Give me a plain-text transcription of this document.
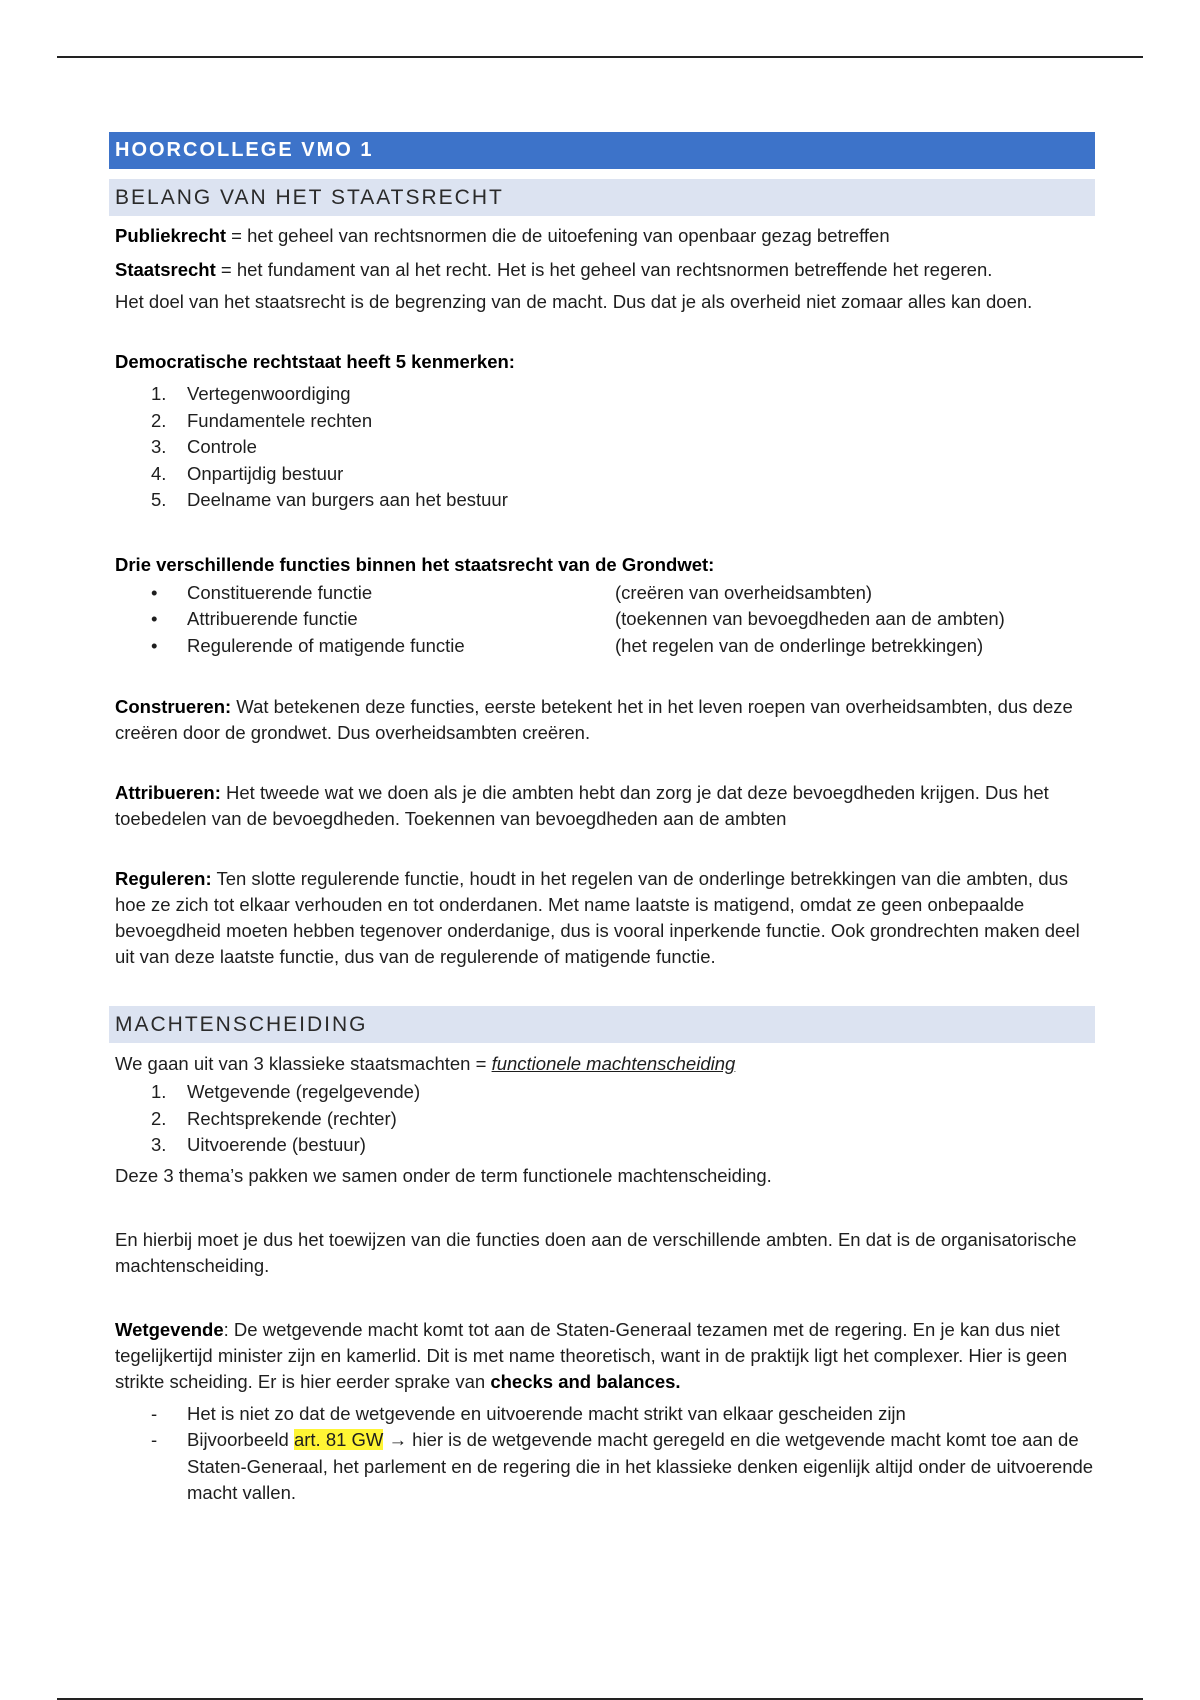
HOORCOLLEGE VMO 1
BELANG VAN HET STAATSRECHT

Publiekrecht = het geheel van rechtsnormen die de uitoefening van openbaar gezag betreffen

Staatsrecht = het fundament van al het recht. Het is het geheel van rechtsnormen betreffende het regeren.

Het doel van het staatsrecht is de begrenzing van de macht. Dus dat je als overheid niet zomaar alles kan doen.

Democratische rechtstaat heeft 5 kenmerken:

1.	Vertegenwoordiging
2.	Fundamentele rechten
3.	Controle
4.	Onpartijdig bestuur
5.	Deelname van burgers aan het bestuur

Drie verschillende functies binnen het staatsrecht van de Grondwet:

•
Constituerende functie	(creëren van overheidsambten)
•
Attribuerende functie	(toekennen van bevoegdheden aan de ambten)
•
Regulerende of matigende functie	(het regelen van de onderlinge betrekkingen)

Construeren: Wat betekenen deze functies, eerste betekent het in het leven roepen van overheidsambten, dus deze creëren door de grondwet. Dus overheidsambten creëren.

Attribueren: Het tweede wat we doen als je die ambten hebt dan zorg je dat deze bevoegdheden krijgen. Dus het toebedelen van de bevoegdheden. Toekennen van bevoegdheden aan de ambten

Reguleren: Ten slotte regulerende functie, houdt in het regelen van de onderlinge betrekkingen van die ambten, dus hoe ze zich tot elkaar verhouden en tot onderdanen. Met name laatste is matigend, omdat ze geen onbepaalde bevoegdheid moeten hebben tegenover onderdanige, dus is vooral inperkende functie. Ook grondrechten maken deel uit van deze laatste functie, dus van de regulerende of matigende functie.

MACHTENSCHEIDING

We gaan uit van 3 klassieke staatsmachten = functionele machtenscheiding

1.	Wetgevende (regelgevende)
2.	Rechtsprekende (rechter)
3.	Uitvoerende (bestuur)

Deze 3 thema’s pakken we samen onder de term functionele machtenscheiding.

En hierbij moet je dus het toewijzen van die functies doen aan de verschillende ambten. En dat is de organisatorische machtenscheiding.

Wetgevende: De wetgevende macht komt tot aan de Staten-Generaal tezamen met de regering. En je kan dus niet tegelijkertijd minister zijn en kamerlid. Dit is met name theoretisch, want in de praktijk ligt het complexer. Hier is geen strikte scheiding. Er is hier eerder sprake van checks and balances.

-
Het is niet zo dat de wetgevende en uitvoerende macht strikt van elkaar gescheiden zijn
-
Bijvoorbeeld art. 81 GW → hier is de wetgevende macht geregeld en die wetgevende macht komt toe aan de Staten-Generaal, het parlement en de regering die in het klassieke denken eigenlijk altijd onder de uitvoerende macht vallen.
